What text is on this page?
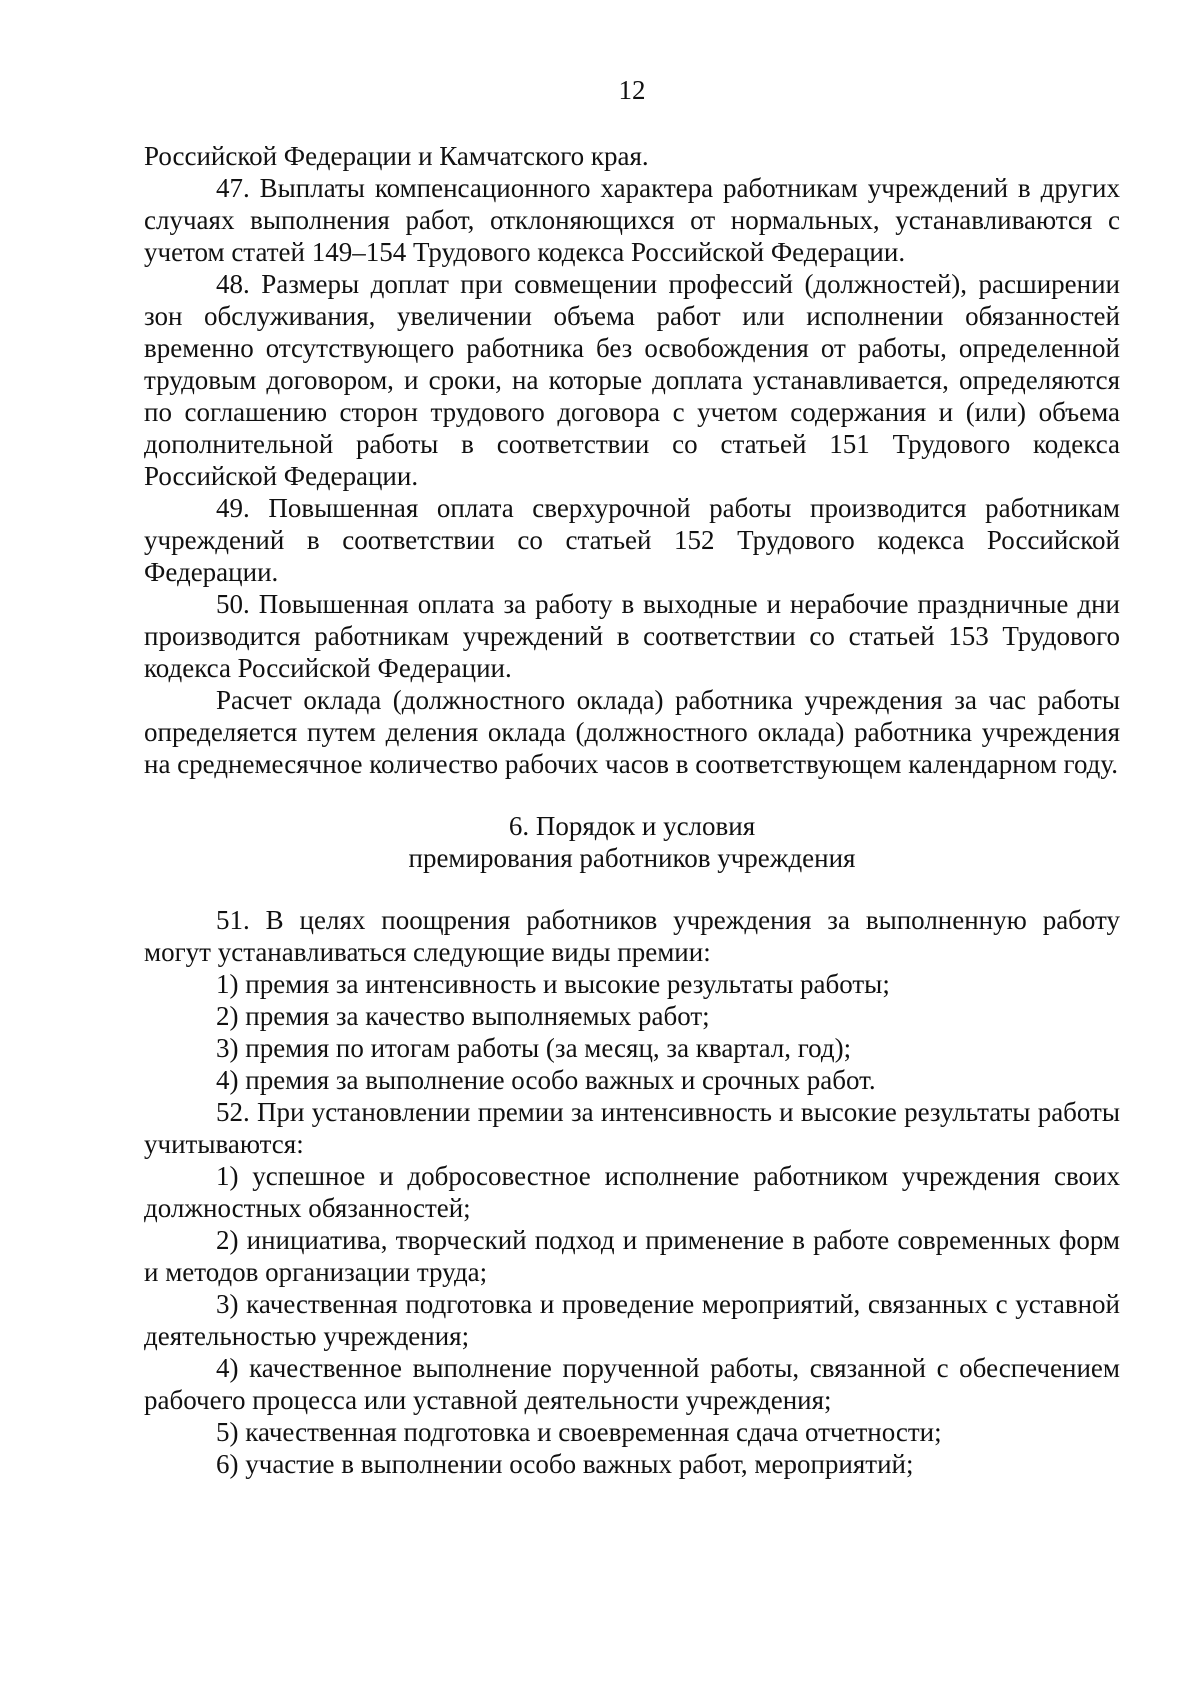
12

Российской Федерации и Камчатского края.

47. Выплаты компенсационного характера работникам учреждений в других случаях выполнения работ, отклоняющихся от нормальных, устанавливаются с учетом статей 149–154 Трудового кодекса Российской Федерации.

48. Размеры доплат при совмещении профессий (должностей), расширении зон обслуживания, увеличении объема работ или исполнении обязанностей временно отсутствующего работника без освобождения от работы, определенной трудовым договором, и сроки, на которые доплата устанавливается, определяются по соглашению сторон трудового договора с учетом содержания и (или) объема дополнительной работы в соответствии со статьей 151 Трудового кодекса Российской Федерации.

49. Повышенная оплата сверхурочной работы производится работникам учреждений в соответствии со статьей 152 Трудового кодекса Российской Федерации.

50. Повышенная оплата за работу в выходные и нерабочие праздничные дни производится работникам учреждений в соответствии со статьей 153 Трудового кодекса Российской Федерации.

Расчет оклада (должностного оклада) работника учреждения за час работы определяется путем деления оклада (должностного оклада) работника учреждения на среднемесячное количество рабочих часов в соответствующем календарном году.

6. Порядок и условия
премирования работников учреждения

51. В целях поощрения работников учреждения за выполненную работу могут устанавливаться следующие виды премии:

1) премия за интенсивность и высокие результаты работы;

2) премия за качество выполняемых работ;

3) премия по итогам работы (за месяц, за квартал, год);

4) премия за выполнение особо важных и срочных работ.

52. При установлении премии за интенсивность и высокие результаты работы учитываются:

1) успешное и добросовестное исполнение работником учреждения своих должностных обязанностей;

2) инициатива, творческий подход и применение в работе современных форм и методов организации труда;

3) качественная подготовка и проведение мероприятий, связанных с уставной деятельностью учреждения;

4) качественное выполнение порученной работы, связанной с обеспечением рабочего процесса или уставной деятельности учреждения;

5) качественная подготовка и своевременная сдача отчетности;

6) участие в выполнении особо важных работ, мероприятий;
